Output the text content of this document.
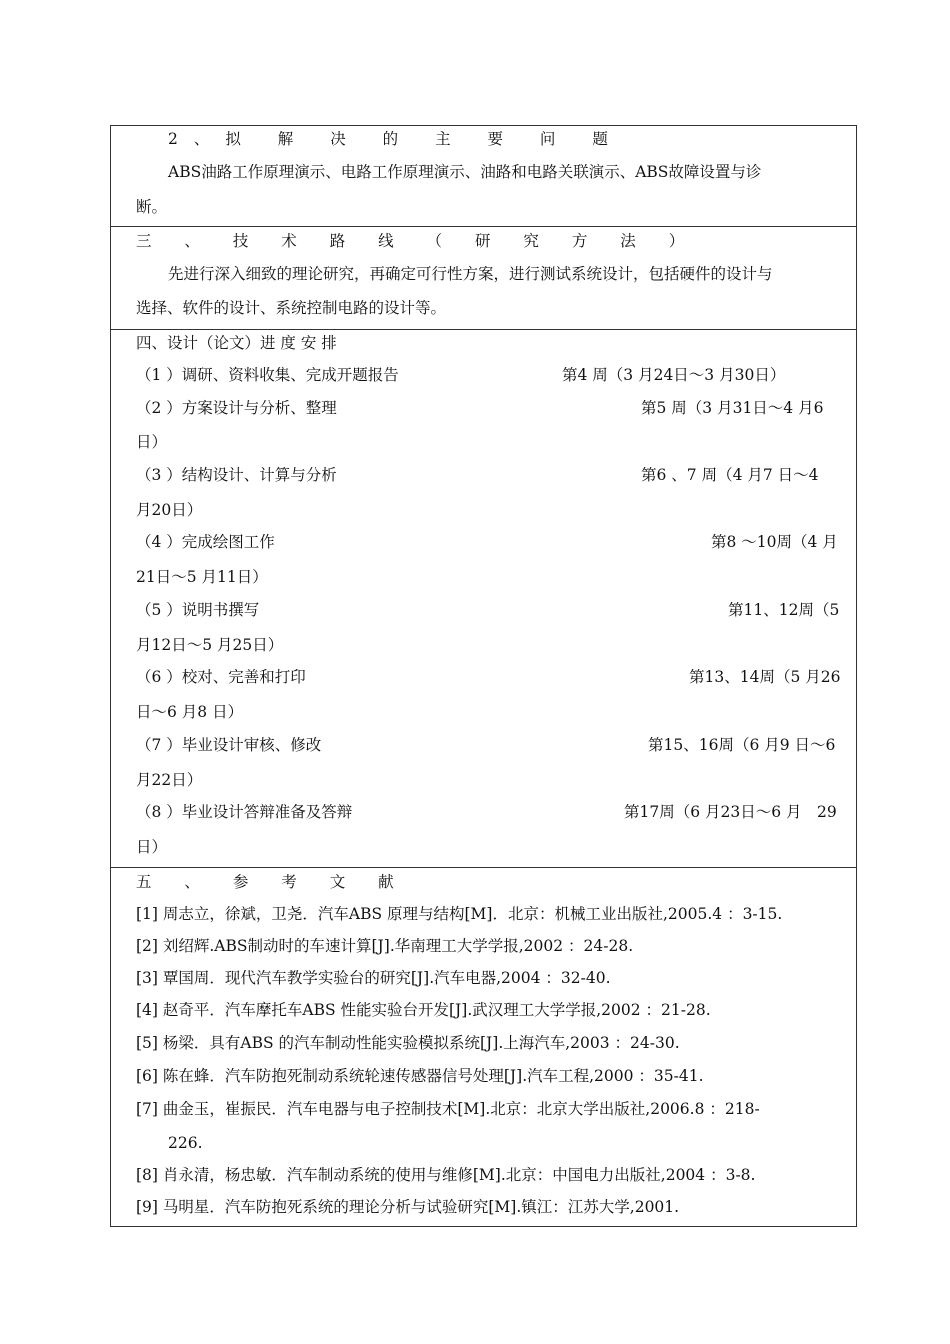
2、拟 解 决 的 主 要 问 题
ABS油路工作原理演示、电路工作原理演示、油路和电路关联演示、ABS故障设置与诊
断。
三 、 技 术 路 线 （ 研 究 方 法 ）
先进行深入细致的理论研究，再确定可行性方案，进行测试系统设计，包括硬件的设计与
选择、软件的设计、系统控制电路的设计等。
四、设计（论文）进 度 安 排
（1 ）调研、资料收集、完成开题报告	第4 周（3 月24日～3 月30日）
（2 ）方案设计与分析、整理	第5 周（3 月31日～4 月6
日）
（3 ）结构设计、计算与分析	第6 、7 周（4 月7 日～4
月20日）
（4 ）完成绘图工作	第8 ～10周（4 月
21日～5 月11日）
（5 ）说明书撰写	第11、12周（5
月12日～5 月25日）
（6 ）校对、完善和打印	第13、14周（5 月26
日～6 月8 日）
（7 ）毕业设计审核、修改	第15、16周（6 月9 日～6
月22日）
（8 ）毕业设计答辩准备及答辩	第17周（6 月23日～6 月　29
日）
五 、 参 考 文 献
[1] 周志立，徐斌，卫尧．汽车ABS 原理与结构[M]．北京：机械工业出版社,2005.4 ：3-15.
[2] 刘绍辉.ABS制动时的车速计算[J].华南理工大学学报,2002 ：24-28.
[3] 覃国周．现代汽车教学实验台的研究[J].汽车电器,2004 ：32-40.
[4] 赵奇平．汽车摩托车ABS 性能实验台开发[J].武汉理工大学学报,2002 ：21-28.
[5] 杨梁．具有ABS 的汽车制动性能实验模拟系统[J].上海汽车,2003 ：24-30.
[6] 陈在蜂．汽车防抱死制动系统轮速传感器信号处理[J].汽车工程,2000 ：35-41.
[7] 曲金玉，崔振民．汽车电器与电子控制技术[M].北京：北京大学出版社,2006.8 ：218-
226.
[8] 肖永清，杨忠敏．汽车制动系统的使用与维修[M].北京：中国电力出版社,2004 ：3-8.
[9] 马明星．汽车防抱死系统的理论分析与试验研究[M].镇江：江苏大学,2001.
